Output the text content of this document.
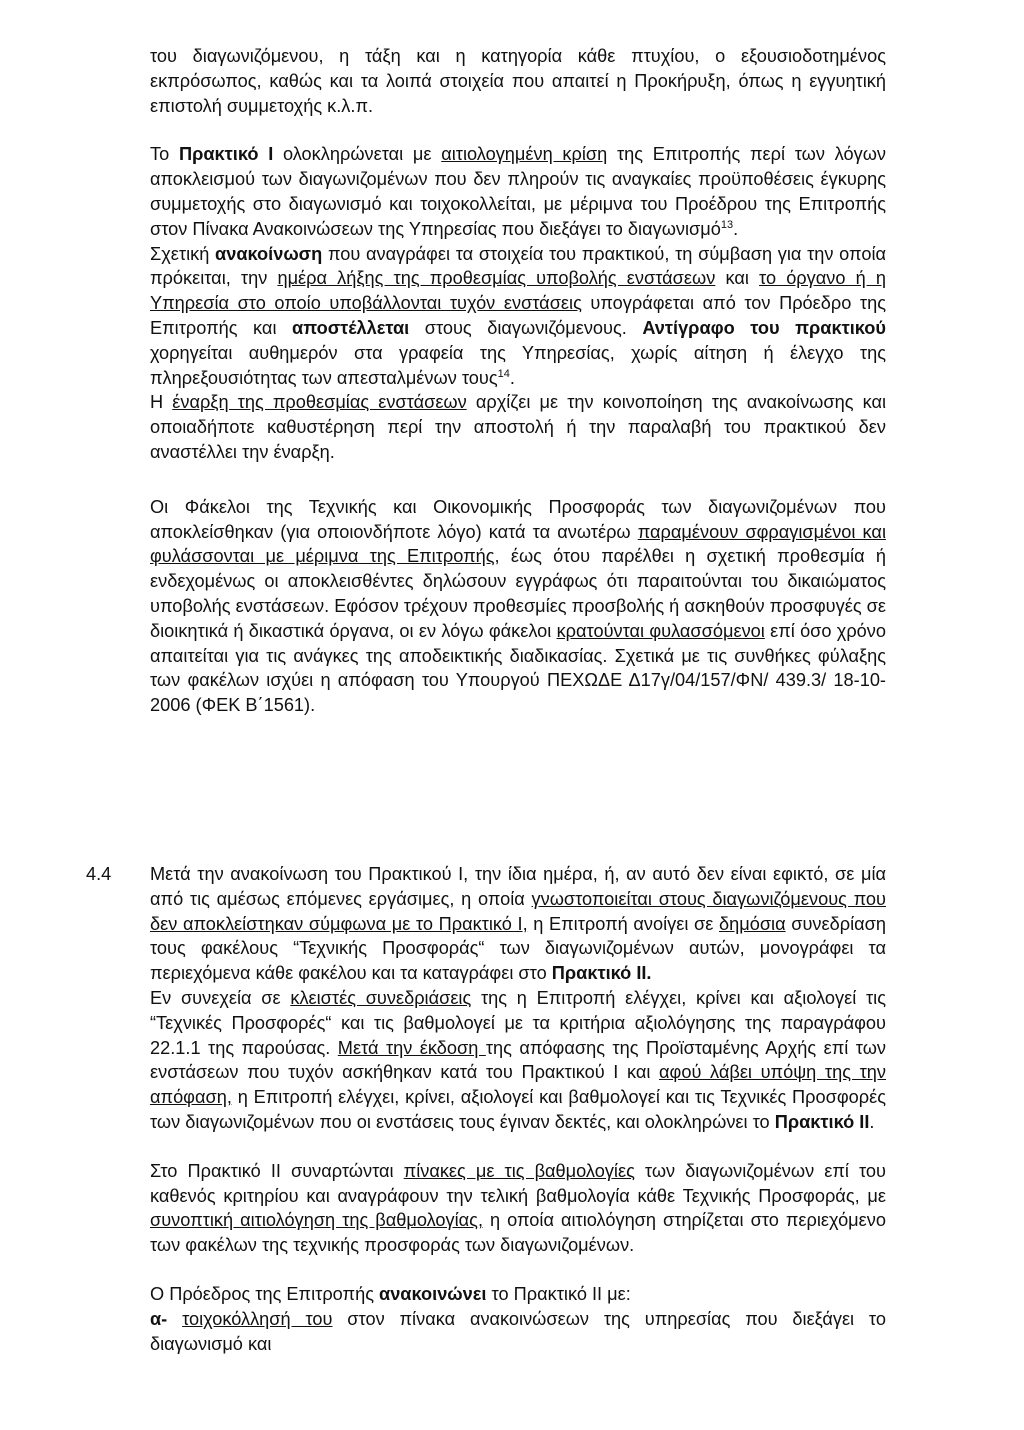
του διαγωνιζόμενου, η τάξη και η κατηγορία κάθε πτυχίου, ο εξουσιοδοτημένος εκπρόσωπος, καθώς και τα λοιπά στοιχεία που απαιτεί η Προκήρυξη, όπως η εγγυητική επιστολή συμμετοχής κ.λ.π.

Το Πρακτικό Ι ολοκληρώνεται με αιτιολογημένη κρίση της Επιτροπής περί των λόγων αποκλεισμού των διαγωνιζομένων που δεν πληρούν τις αναγκαίες προϋποθέσεις έγκυρης συμμετοχής στο διαγωνισμό και τοιχοκολλείται, με μέριμνα του Προέδρου της Επιτροπής στον Πίνακα Ανακοινώσεων της Υπηρεσίας που διεξάγει το διαγωνισμό$^{13}$.

Σχετική ανακοίνωση που αναγράφει τα στοιχεία του πρακτικού, τη σύμβαση για την οποία πρόκειται, την ημέρα λήξης της προθεσμίας υποβολής ενστάσεων και το όργανο ή η Υπηρεσία στο οποίο υποβάλλονται τυχόν ενστάσεις υπογράφεται από τον Πρόεδρο της Επιτροπής και αποστέλλεται στους διαγωνιζόμενους. Αντίγραφο του πρακτικού χορηγείται αυθημερόν στα γραφεία της Υπηρεσίας, χωρίς αίτηση ή έλεγχο της πληρεξουσιότητας των απεσταλμένων τους$^{14}$.

Η έναρξη της προθεσμίας ενστάσεων αρχίζει με την κοινοποίηση της ανακοίνωσης και οποιαδήποτε καθυστέρηση περί την αποστολή ή την παραλαβή του πρακτικού δεν αναστέλλει την έναρξη.

Οι Φάκελοι της Τεχνικής και Οικονομικής Προσφοράς των διαγωνιζομένων που αποκλείσθηκαν (για οποιονδήποτε λόγο) κατά τα ανωτέρω παραμένουν σφραγισμένοι και φυλάσσονται με μέριμνα της Επιτροπής, έως ότου παρέλθει η σχετική προθεσμία ή ενδεχομένως οι αποκλεισθέντες δηλώσουν εγγράφως ότι παραιτούνται του δικαιώματος υποβολής ενστάσεων. Εφόσον τρέχουν προθεσμίες προσβολής ή ασκηθούν προσφυγές σε διοικητικά ή δικαστικά όργανα, οι εν λόγω φάκελοι κρατούνται φυλασσόμενοι επί όσο χρόνο απαιτείται για τις ανάγκες της αποδεικτικής διαδικασίας. Σχετικά με τις συνθήκες φύλαξης των φακέλων ισχύει η απόφαση του Υπουργού ΠΕΧΩΔΕ Δ17γ/04/157/ΦΝ/ 439.3/ 18-10-2006 (ΦΕΚ Β΄1561).

4.4 Μετά την ανακοίνωση του Πρακτικού Ι, την ίδια ημέρα, ή, αν αυτό δεν είναι εφικτό, σε μία από τις αμέσως επόμενες εργάσιμες, η οποία γνωστοποιείται στους διαγωνιζόμενους που δεν αποκλείστηκαν σύμφωνα με το Πρακτικό Ι, η Επιτροπή ανοίγει σε δημόσια συνεδρίαση τους φακέλους “Τεχνικής Προσφοράς“ των διαγωνιζομένων αυτών, μονογράφει τα περιεχόμενα κάθε φακέλου και τα καταγράφει στο Πρακτικό ΙΙ.

Εν συνεχεία σε κλειστές συνεδριάσεις της η Επιτροπή ελέγχει, κρίνει και αξιολογεί τις “Τεχνικές Προσφορές“ και τις βαθμολογεί με τα κριτήρια αξιολόγησης της παραγράφου 22.1.1 της παρούσας. Μετά την έκδοση της απόφασης της Προϊσταμένης Αρχής επί των ενστάσεων που τυχόν ασκήθηκαν κατά του Πρακτικού Ι και αφού λάβει υπόψη της την απόφαση, η Επιτροπή ελέγχει, κρίνει, αξιολογεί και βαθμολογεί και τις Τεχνικές Προσφορές των διαγωνιζομένων που οι ενστάσεις τους έγιναν δεκτές, και ολοκληρώνει το Πρακτικό ΙΙ.

Στο Πρακτικό ΙΙ συναρτώνται πίνακες με τις βαθμολογίες των διαγωνιζομένων επί του καθενός κριτηρίου και αναγράφουν την τελική βαθμολογία κάθε Τεχνικής Προσφοράς, με συνοπτική αιτιολόγηση της βαθμολογίας, η οποία αιτιολόγηση στηρίζεται στο περιεχόμενο των φακέλων της τεχνικής προσφοράς των διαγωνιζομένων.

Ο Πρόεδρος της Επιτροπής ανακοινώνει το Πρακτικό ΙΙ με:

α- τοιχοκόλλησή του στον πίνακα ανακοινώσεων της υπηρεσίας που διεξάγει το διαγωνισμό και
